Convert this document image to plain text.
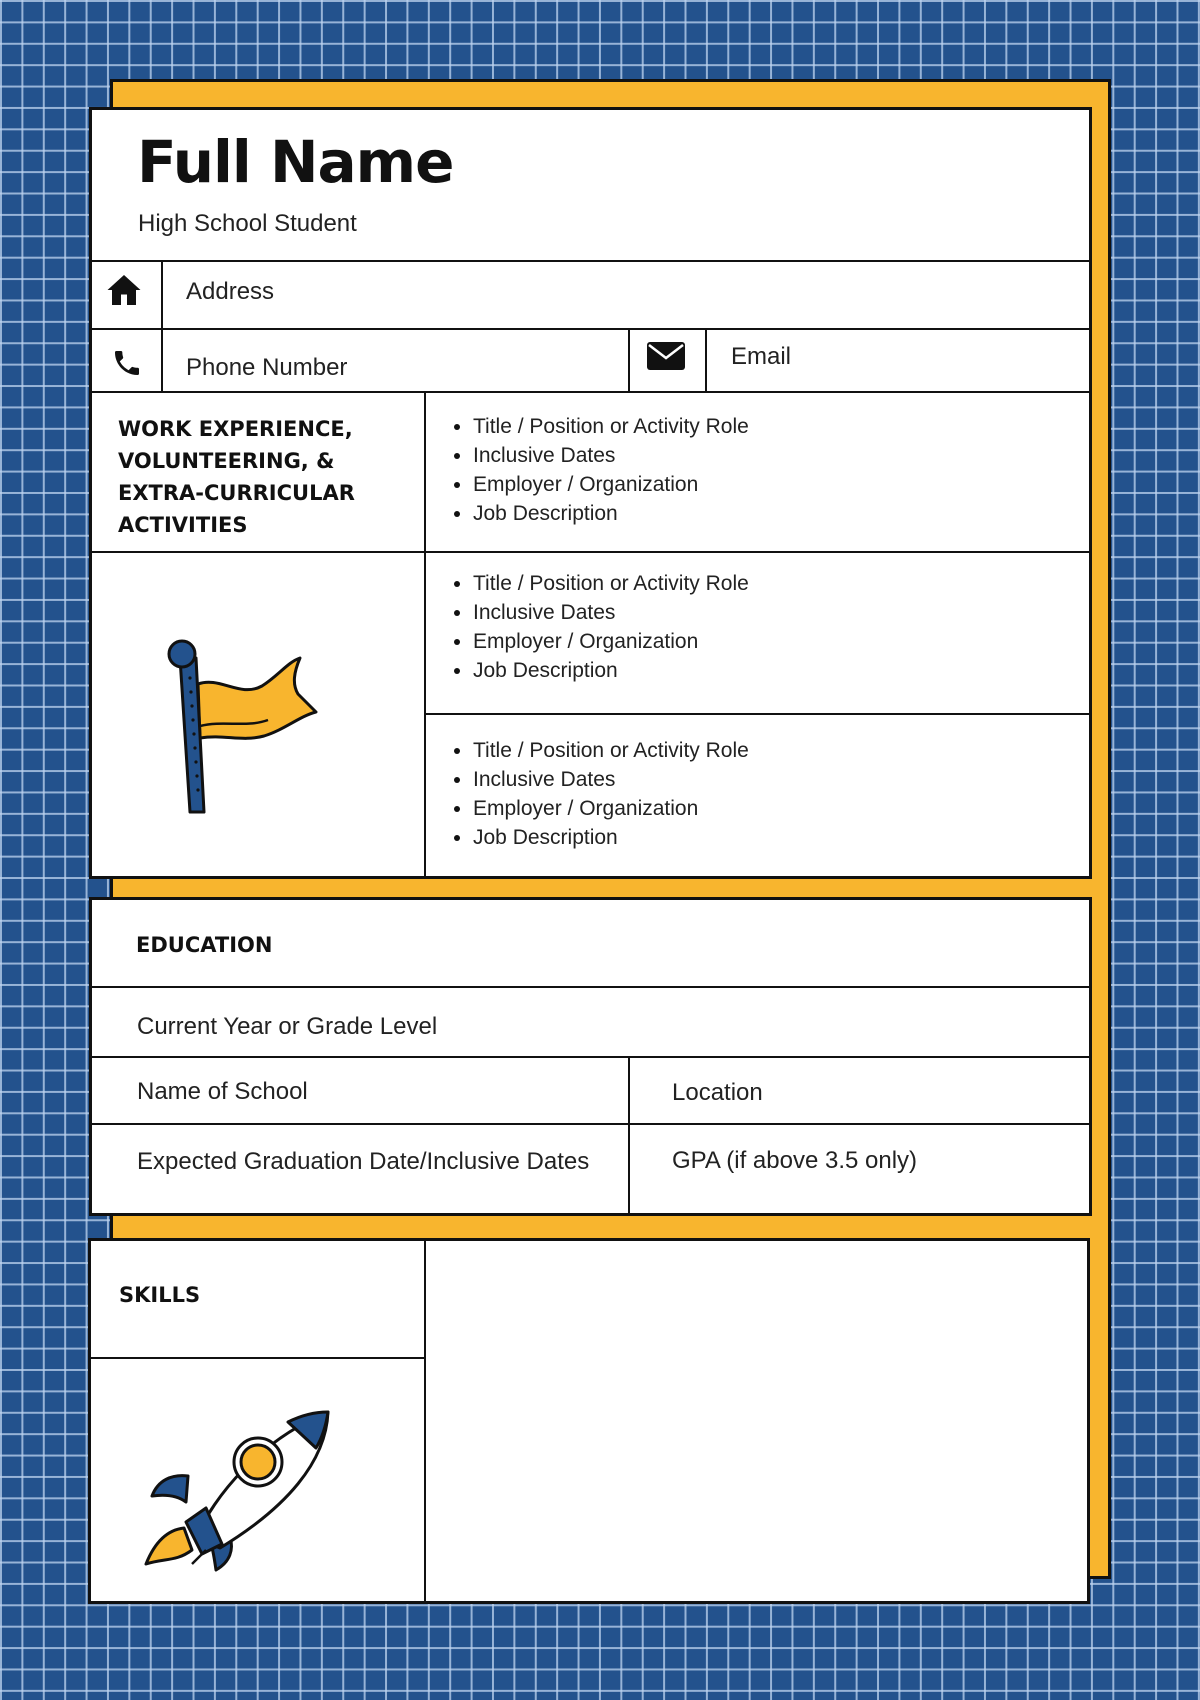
Full Name
High School Student
Address
Phone Number	Email
WORK EXPERIENCE, VOLUNTEERING, & EXTRA-CURRICULAR ACTIVITIES
• Title / Position or Activity Role
• Inclusive Dates
• Employer / Organization
• Job Description
• Title / Position or Activity Role
• Inclusive Dates
• Employer / Organization
• Job Description
• Title / Position or Activity Role
• Inclusive Dates
• Employer / Organization
• Job Description
EDUCATION
Current Year or Grade Level
Name of School	Location
Expected Graduation Date/Inclusive Dates	GPA (if above 3.5 only)
SKILLS
